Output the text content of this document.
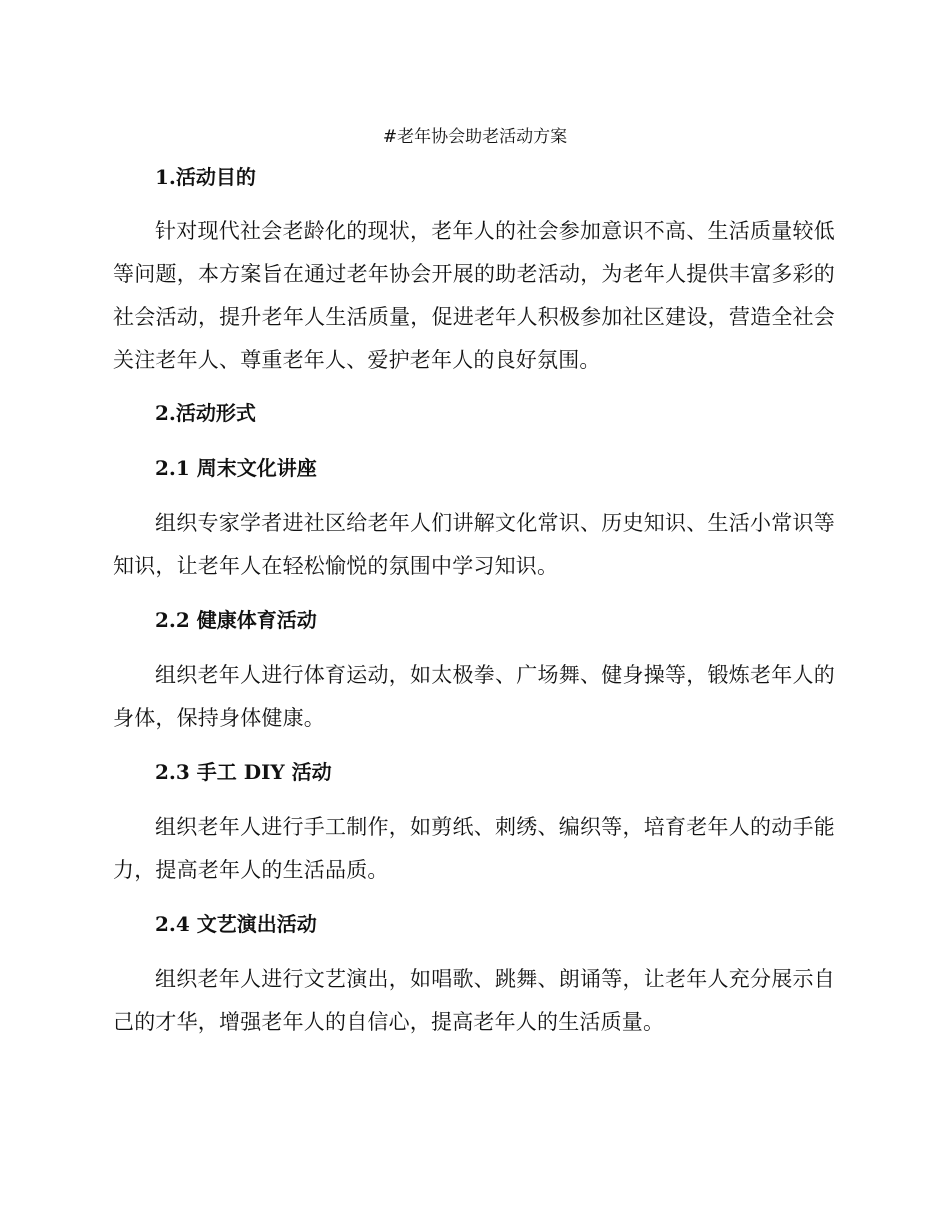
#老年协会助老活动方案
1.活动目的

针对现代社会老龄化的现状，老年人的社会参加意识不高、生活质量较低等问题，本方案旨在通过老年协会开展的助老活动，为老年人提供丰富多彩的社会活动，提升老年人生活质量，促进老年人积极参加社区建设，营造全社会关注老年人、尊重老年人、爱护老年人的良好氛围。

2.活动形式
2.1 周末文化讲座

组织专家学者进社区给老年人们讲解文化常识、历史知识、生活小常识等知识，让老年人在轻松愉悦的氛围中学习知识。

2.2 健康体育活动

组织老年人进行体育运动，如太极拳、广场舞、健身操等，锻炼老年人的身体，保持身体健康。

2.3 手工 DIY 活动

组织老年人进行手工制作，如剪纸、刺绣、编织等，培育老年人的动手能力，提高老年人的生活品质。

2.4 文艺演出活动

组织老年人进行文艺演出，如唱歌、跳舞、朗诵等，让老年人充分展示自己的才华，增强老年人的自信心，提高老年人的生活质量。
